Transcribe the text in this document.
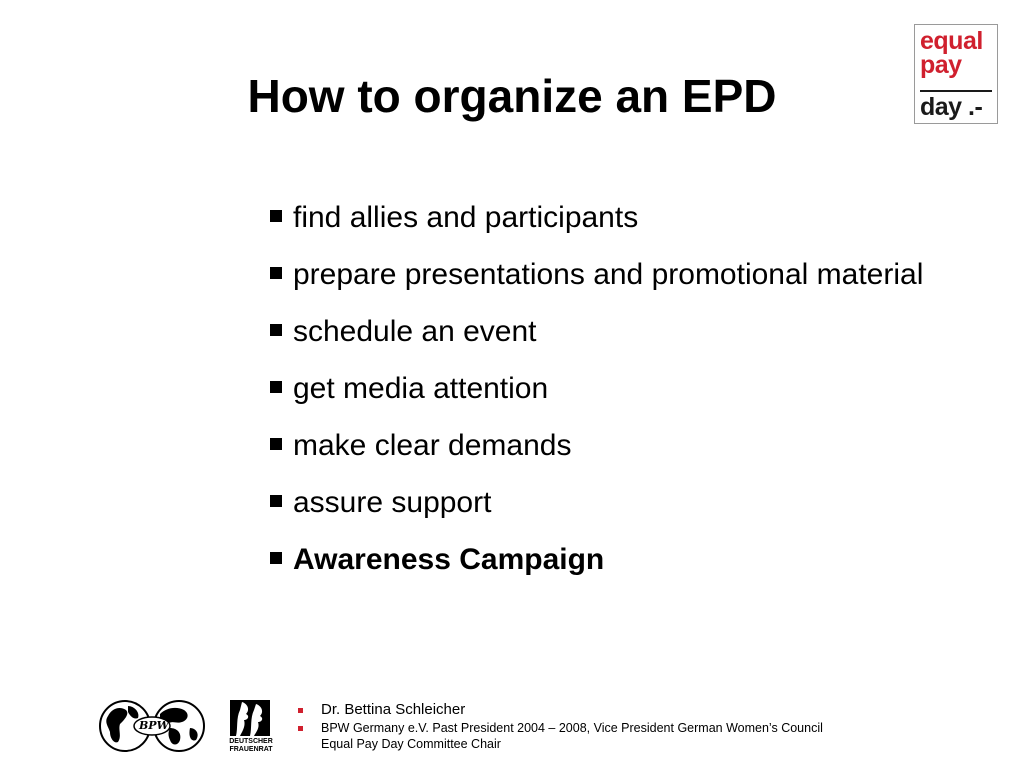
How to organize an EPD
equal
pay
day .-
find allies and participants
prepare presentations and promotional material
schedule an event
get media attention
make clear demands
assure support
Awareness Campaign
BPW
DEUTSCHER
FRAUENRAT
Dr. Bettina Schleicher
BPW Germany e.V. Past President 2004 – 2008, Vice President German Women’s Council
Equal Pay Day Committee Chair
